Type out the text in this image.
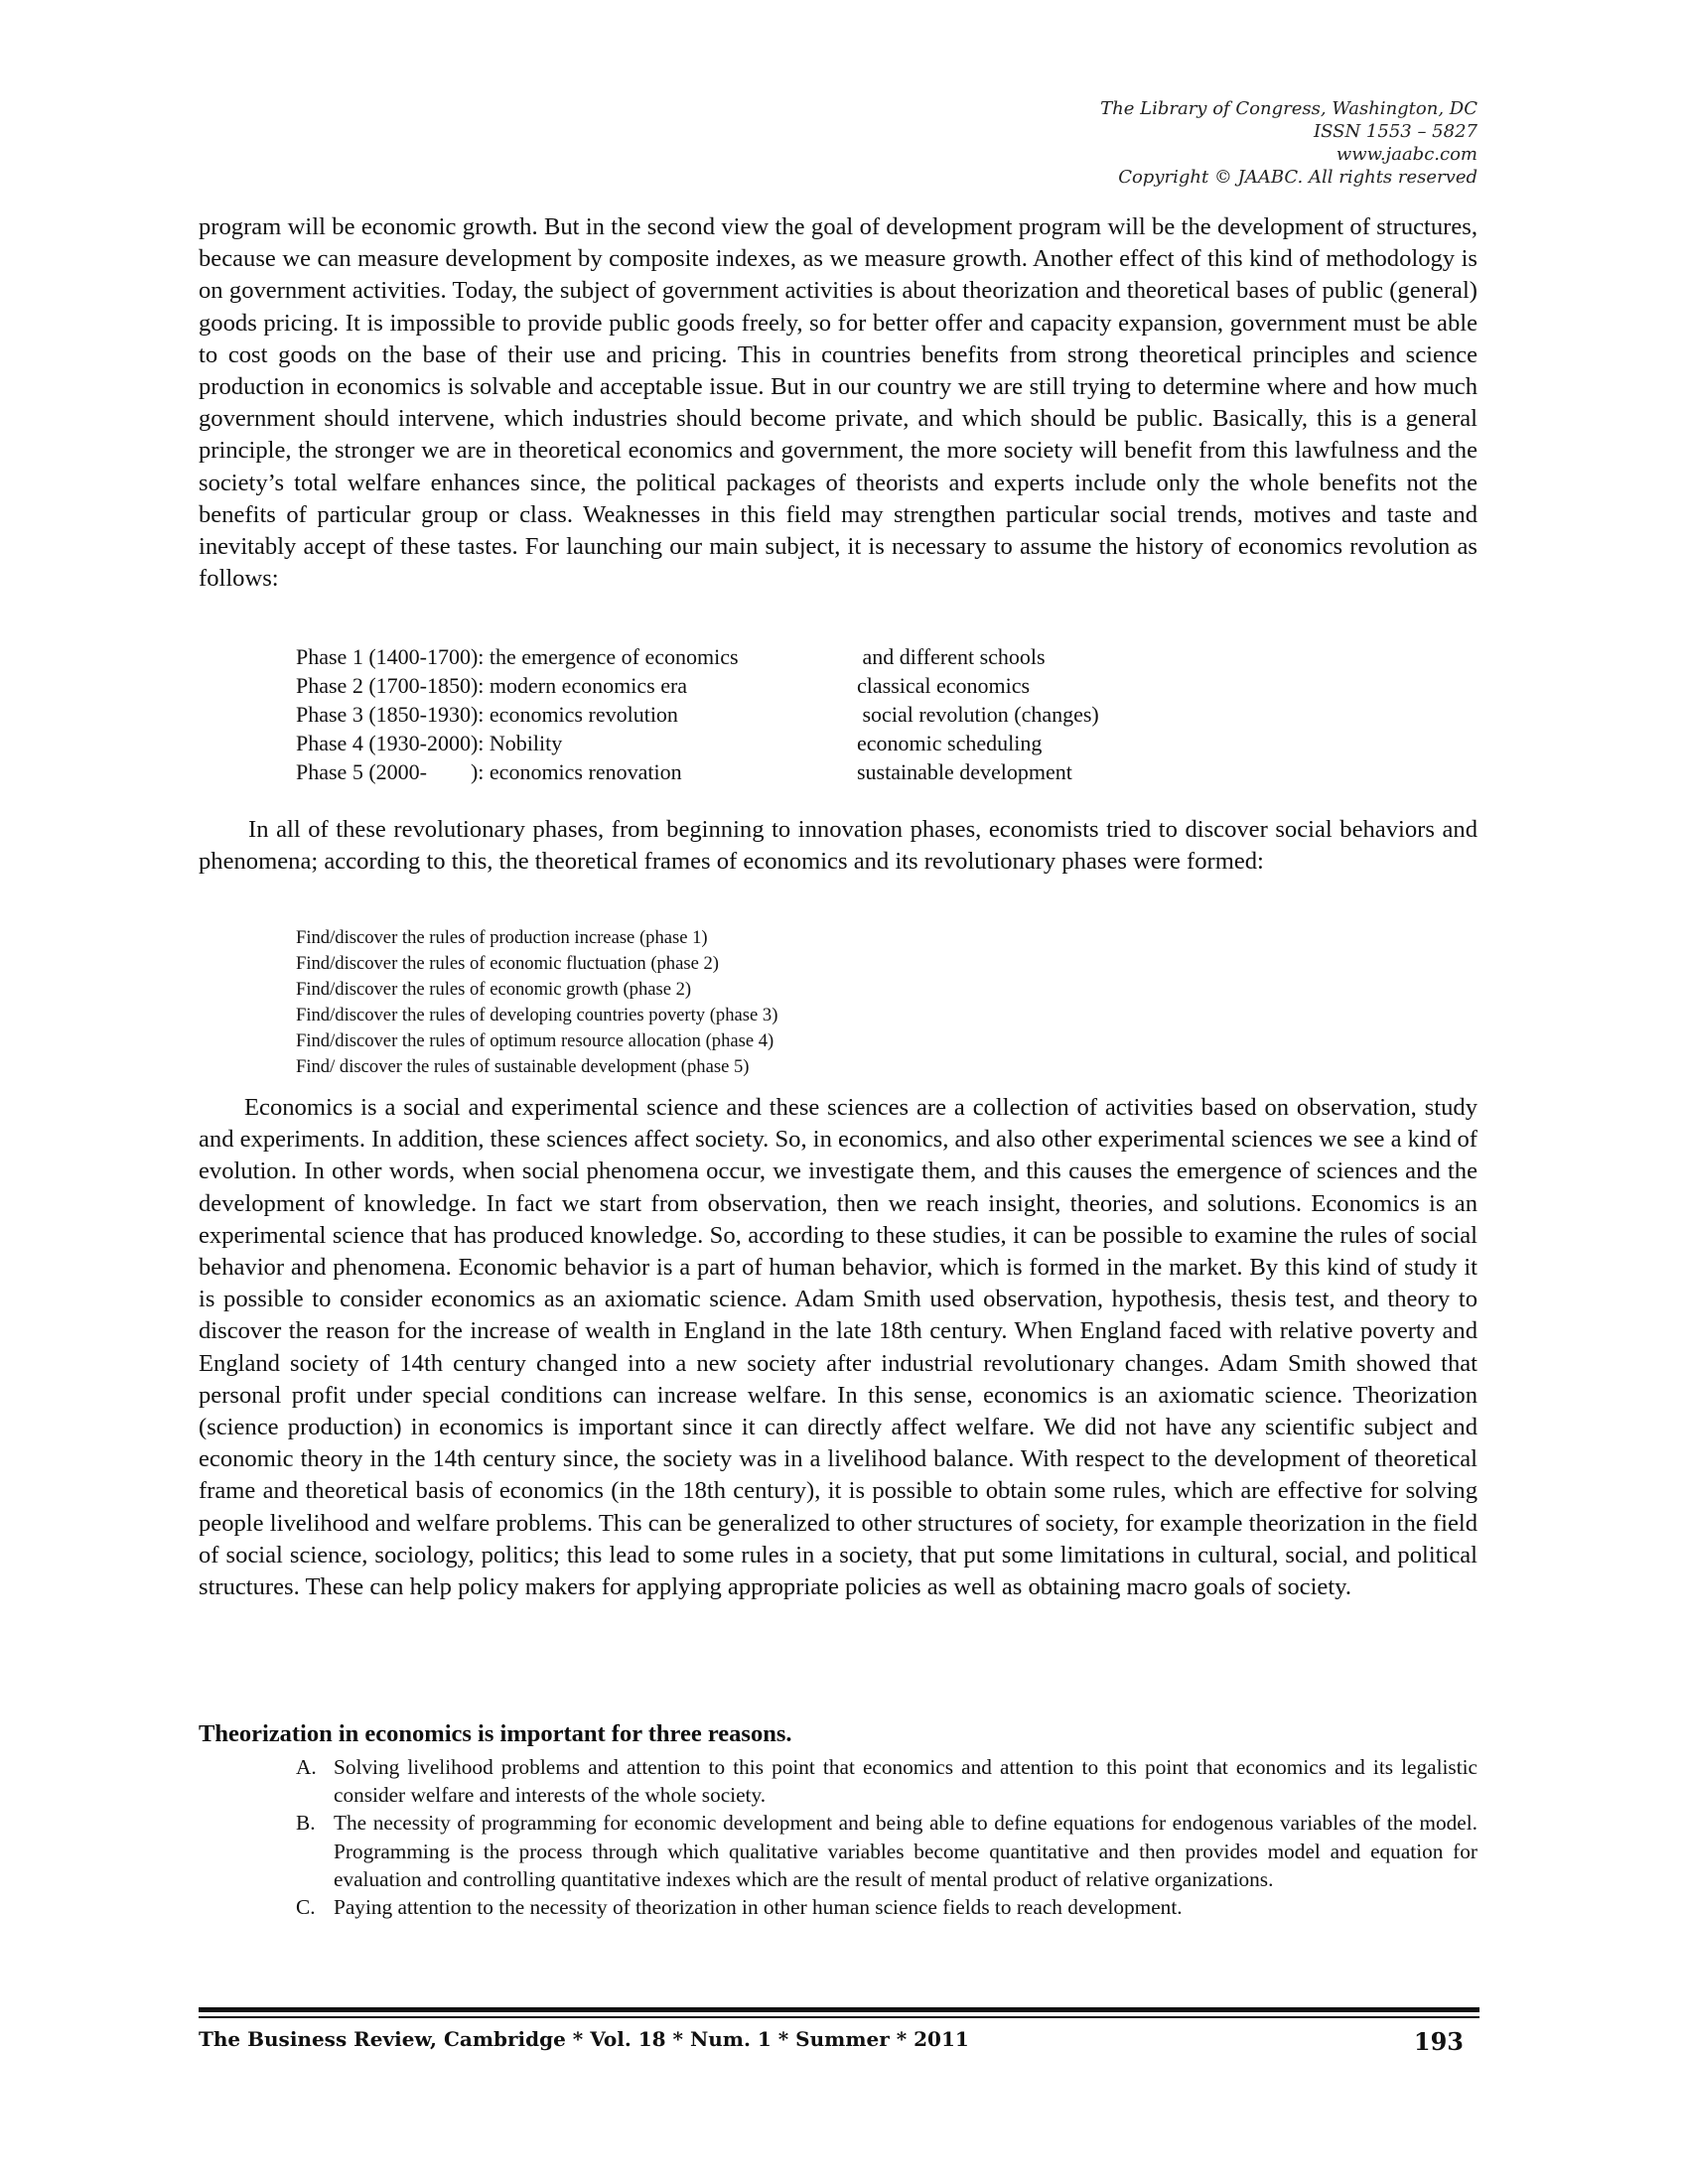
The Library of Congress, Washington, DC
ISSN 1553 – 5827
www.jaabc.com
Copyright © JAABC. All rights reserved

program will be economic growth. But in the second view the goal of development program will be the development of structures, because we can measure development by composite indexes, as we measure growth. Another effect of this kind of methodology is on government activities. Today, the subject of government activities is about theorization and theoretical bases of public (general) goods pricing. It is impossible to provide public goods freely, so for better offer and capacity expansion, government must be able to cost goods on the base of their use and pricing. This in countries benefits from strong theoretical principles and science production in economics is solvable and acceptable issue. But in our country we are still trying to determine where and how much government should intervene, which industries should become private, and which should be public. Basically, this is a general principle, the stronger we are in theoretical economics and government, the more society will benefit from this lawfulness and the society’s total welfare enhances since, the political packages of theorists and experts include only the whole benefits not the benefits of particular group or class. Weaknesses in this field may strengthen particular social trends, motives and taste and inevitably accept of these tastes. For launching our main subject, it is necessary to assume the history of economics revolution as follows:

Phase 1 (1400-1700): the emergence of economics	and different schools
Phase 2 (1700-1850): modern economics era	classical economics
Phase 3 (1850-1930): economics revolution	social revolution (changes)
Phase 4 (1930-2000): Nobility	economic scheduling
Phase 5 (2000-        ): economics renovation	sustainable development

In all of these revolutionary phases, from beginning to innovation phases, economists tried to discover social behaviors and phenomena; according to this, the theoretical frames of economics and its revolutionary phases were formed:

Find/discover the rules of production increase (phase 1)
Find/discover the rules of economic fluctuation (phase 2)
Find/discover the rules of economic growth (phase 2)
Find/discover the rules of developing countries poverty (phase 3)
Find/discover the rules of optimum resource allocation (phase 4)
Find/ discover the rules of sustainable development (phase 5)

Economics is a social and experimental science and these sciences are a collection of activities based on observation, study and experiments. In addition, these sciences affect society. So, in economics, and also other experimental sciences we see a kind of evolution. In other words, when social phenomena occur, we investigate them, and this causes the emergence of sciences and the development of knowledge. In fact we start from observation, then we reach insight, theories, and solutions. Economics is an experimental science that has produced knowledge. So, according to these studies, it can be possible to examine the rules of social behavior and phenomena. Economic behavior is a part of human behavior, which is formed in the market. By this kind of study it is possible to consider economics as an axiomatic science. Adam Smith used observation, hypothesis, thesis test, and theory to discover the reason for the increase of wealth in England in the late 18th century. When England faced with relative poverty and England society of 14th century changed into a new society after industrial revolutionary changes. Adam Smith showed that personal profit under special conditions can increase welfare. In this sense, economics is an axiomatic science. Theorization (science production) in economics is important since it can directly affect welfare. We did not have any scientific subject and economic theory in the 14th century since, the society was in a livelihood balance. With respect to the development of theoretical frame and theoretical basis of economics (in the 18th century), it is possible to obtain some rules, which are effective for solving people livelihood and welfare problems. This can be generalized to other structures of society, for example theorization in the field of social science, sociology, politics; this lead to some rules in a society, that put some limitations in cultural, social, and political structures. These can help policy makers for applying appropriate policies as well as obtaining macro goals of society.

Theorization in economics is important for three reasons.
A. Solving livelihood problems and attention to this point that economics and attention to this point that economics and its legalistic consider welfare and interests of the whole society.
B. The necessity of programming for economic development and being able to define equations for endogenous variables of the model. Programming is the process through which qualitative variables become quantitative and then provides model and equation for evaluation and controlling quantitative indexes which are the result of mental product of relative organizations.
C. Paying attention to the necessity of theorization in other human science fields to reach development.
The Business Review, Cambridge * Vol. 18 * Num. 1 * Summer * 2011	193
